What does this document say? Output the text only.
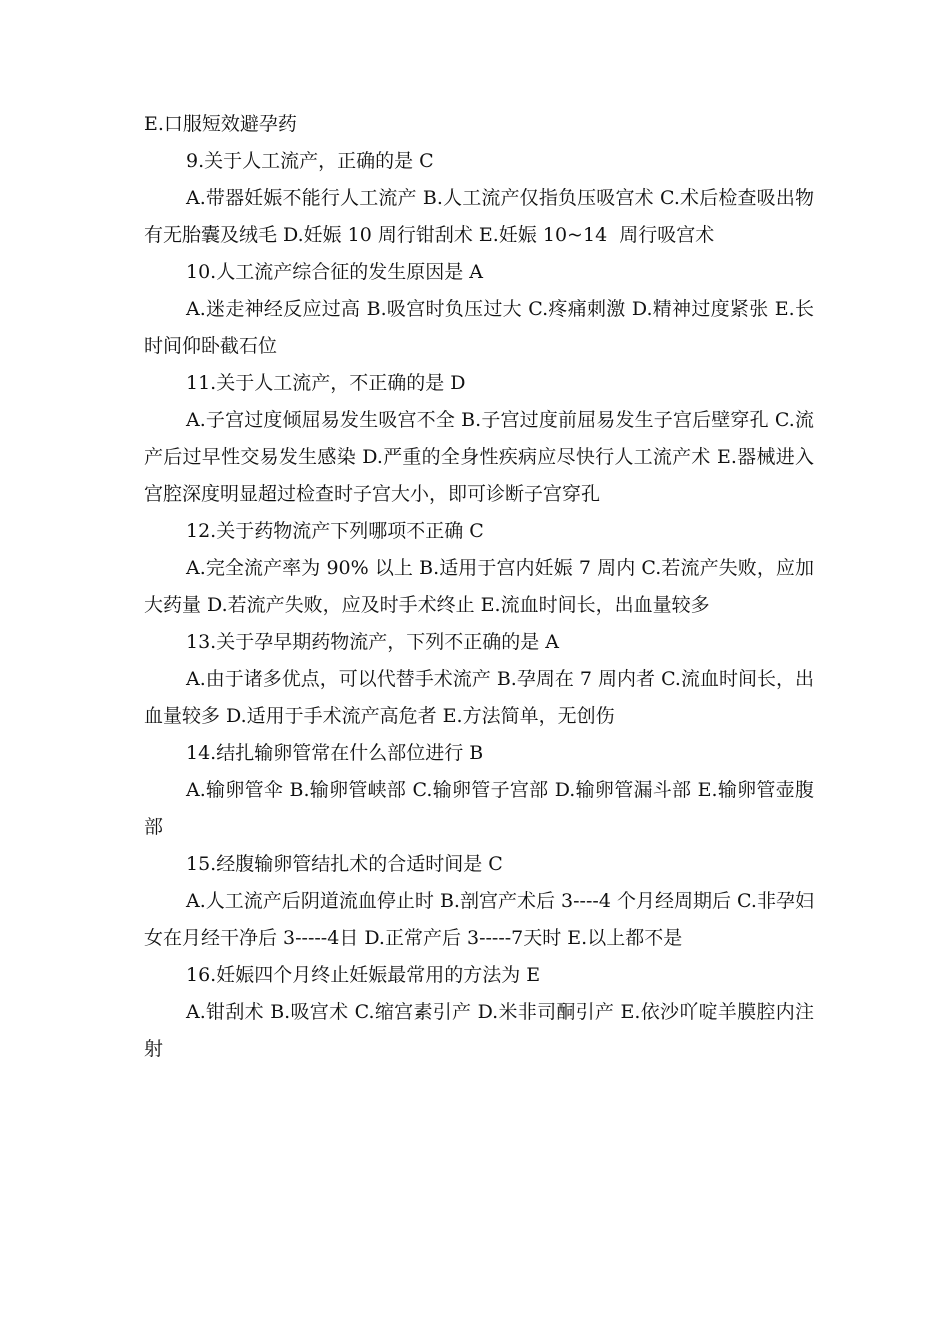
E.口服短效避孕药
9.关于人工流产，正确的是 C
A.带器妊娠不能行人工流产 B.人工流产仅指负压吸宫术 C.术后检查吸出物有无胎囊及绒毛 D.妊娠 10 周行钳刮术 E.妊娠 10~14  周行吸宫术
10.人工流产综合征的发生原因是 A
A.迷走神经反应过高 B.吸宫时负压过大 C.疼痛刺激 D.精神过度紧张 E.长时间仰卧截石位
11.关于人工流产，不正确的是 D
A.子宫过度倾屈易发生吸宫不全 B.子宫过度前屈易发生子宫后壁穿孔 C.流产后过早性交易发生感染 D.严重的全身性疾病应尽快行人工流产术 E.器械进入宫腔深度明显超过检查时子宫大小，即可诊断子宫穿孔
12.关于药物流产下列哪项不正确 C
A.完全流产率为 90% 以上 B.适用于宫内妊娠 7 周内 C.若流产失败，应加大药量 D.若流产失败，应及时手术终止 E.流血时间长，出血量较多
13.关于孕早期药物流产，下列不正确的是 A
A.由于诸多优点，可以代替手术流产 B.孕周在 7 周内者 C.流血时间长，出血量较多 D.适用于手术流产高危者 E.方法简单，无创伤
14.结扎输卵管常在什么部位进行 B
A.输卵管伞 B.输卵管峡部 C.输卵管子宫部 D.输卵管漏斗部 E.输卵管壶腹部
15.经腹输卵管结扎术的合适时间是 C
A.人工流产后阴道流血停止时 B.剖宫产术后 3----4 个月经周期后 C.非孕妇女在月经干净后 3-----4日 D.正常产后 3-----7天时 E.以上都不是
16.妊娠四个月终止妊娠最常用的方法为 E
A.钳刮术 B.吸宫术 C.缩宫素引产 D.米非司酮引产 E.依沙吖啶羊膜腔内注射
